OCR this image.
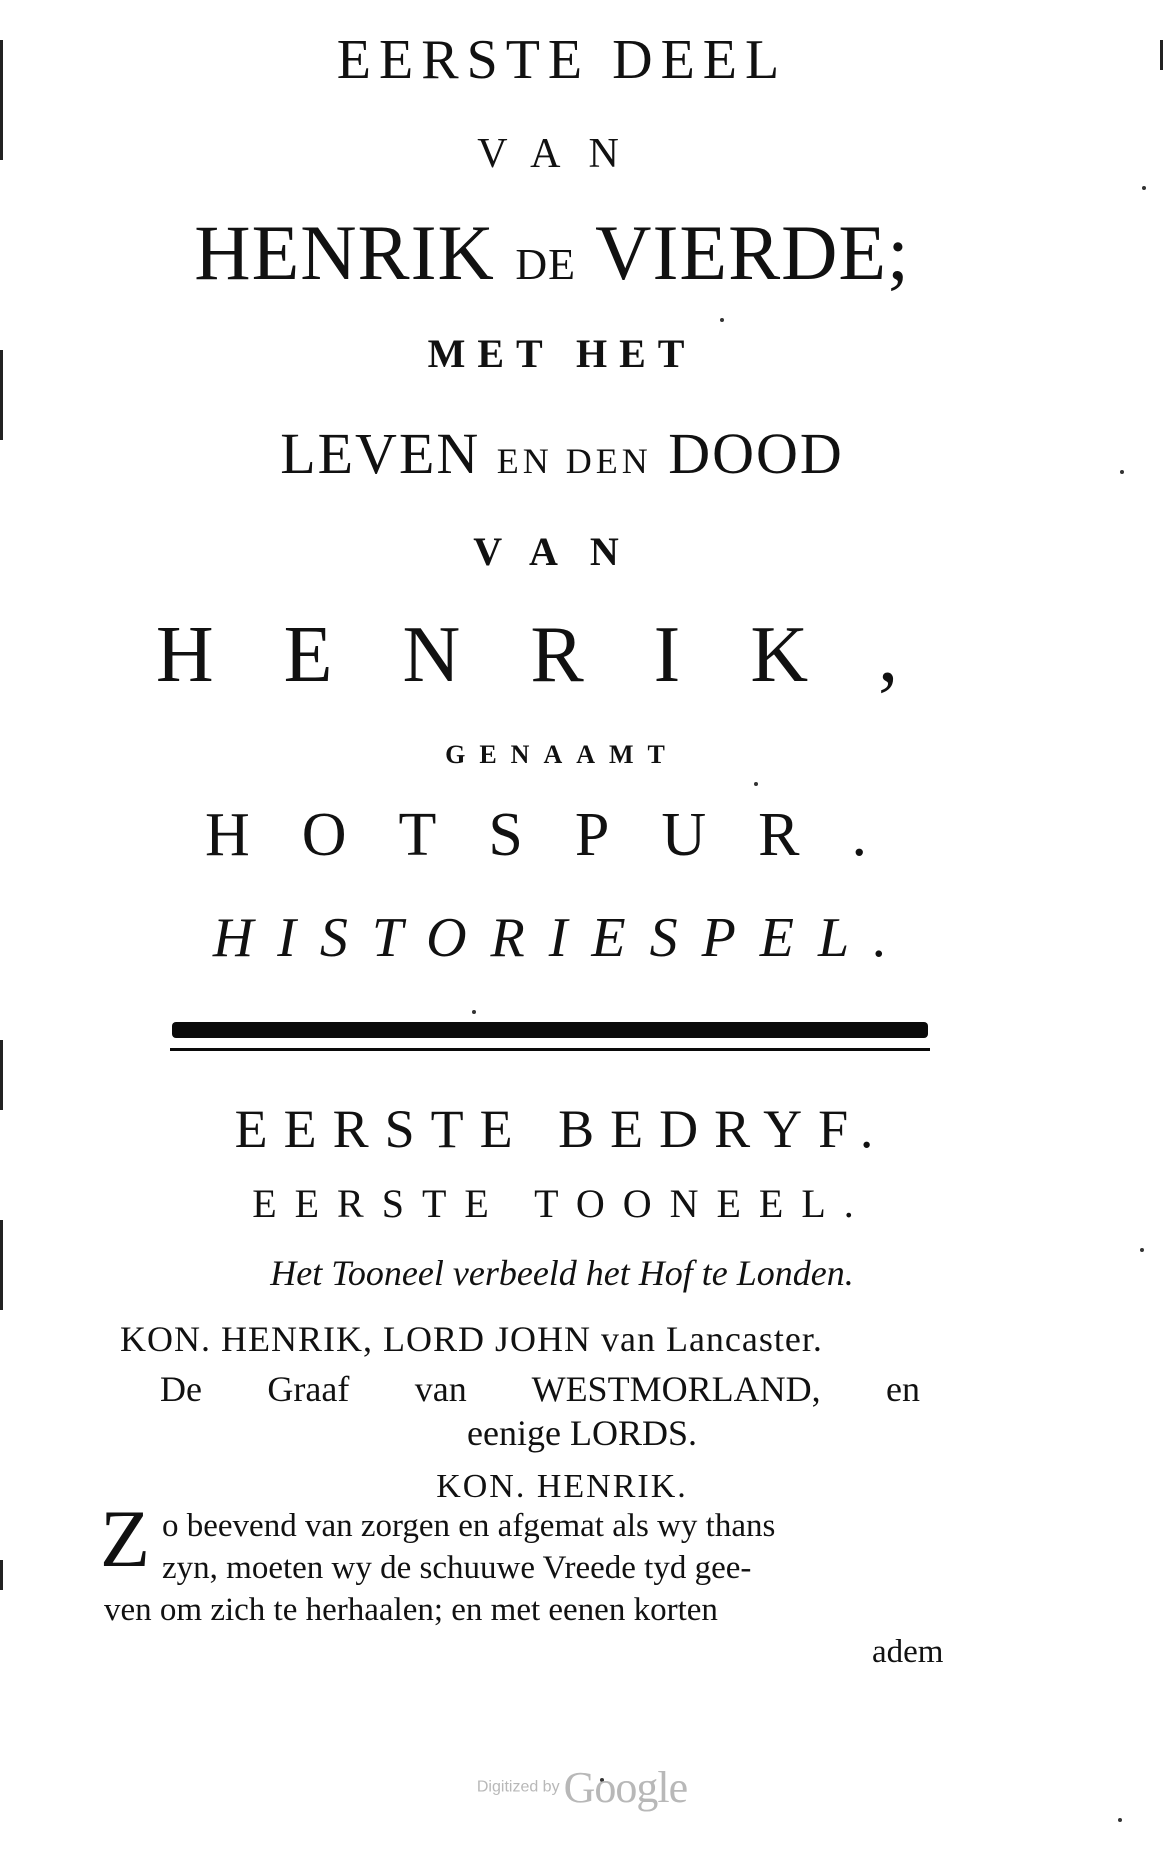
EERSTE DEEL
VAN
HENRIK DE VIERDE;
MET HET
LEVEN EN DEN DOOD
VAN
HENRIK,
GENAAMT
HOTSPUR.
HISTORIESPEL.
EERSTE BEDRYF.
EERSTE TOONEEL.
Het Tooneel verbeeld het Hof te Londen.
KON. HENRIK, LORD JOHN van Lancaster.
De Graaf van WESTMORLAND, en
eenige LORDS.
KON. HENRIK.
Z o beevend van zorgen en afgemat als wy thans
zyn, moeten wy de schuuwe Vreede tyd gee-
ven om zich te herhaalen; en met eenen korten
adem
Digitized by Google
